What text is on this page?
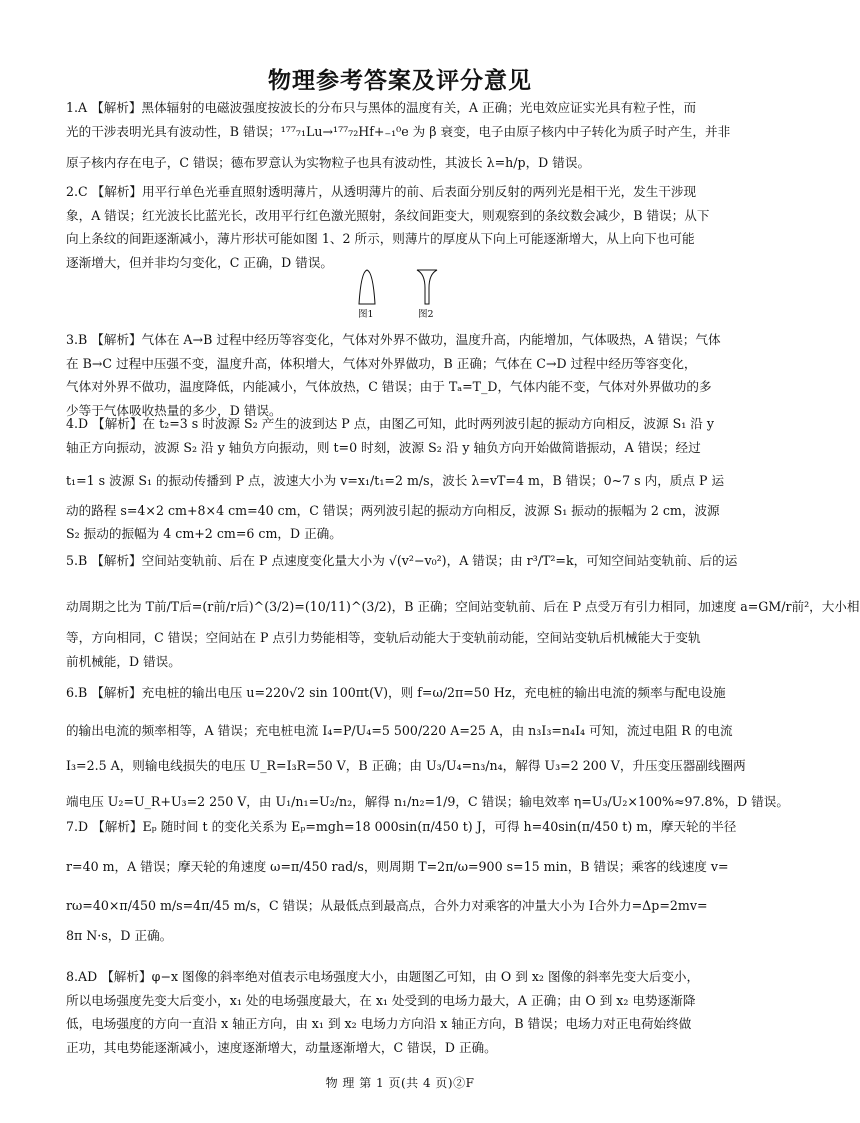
物理参考答案及评分意见
1.A 【解析】黑体辐射的电磁波强度按波长的分布只与黑体的温度有关，A 正确；光电效应证实光具有粒子性，而
光的干涉表明光具有波动性，B 错误；¹⁷⁷₇₁Lu→¹⁷⁷₇₂Hf+₋₁⁰e 为 β 衰变，电子由原子核内中子转化为质子时产生，并非
原子核内存在电子，C 错误；德布罗意认为实物粒子也具有波动性，其波长 λ=h/p，D 错误。
2.C 【解析】用平行单色光垂直照射透明薄片，从透明薄片的前、后表面分别反射的两列光是相干光，发生干涉现
象，A 错误；红光波长比蓝光长，改用平行红色激光照射，条纹间距变大，则观察到的条纹数会减少，B 错误；从下
向上条纹的间距逐渐减小，薄片形状可能如图 1、2 所示，则薄片的厚度从下向上可能逐渐增大，从上向下也可能
逐渐增大，但并非均匀变化，C 正确，D 错误。
图1	图2
3.B 【解析】气体在 A→B 过程中经历等容变化，气体对外界不做功，温度升高，内能增加，气体吸热，A 错误；气体
在 B→C 过程中压强不变，温度升高，体积增大，气体对外界做功，B 正确；气体在 C→D 过程中经历等容变化，
气体对外界不做功，温度降低，内能减小，气体放热，C 错误；由于 Tₐ=T_D，气体内能不变，气体对外界做功的多
少等于气体吸收热量的多少，D 错误。
4.D 【解析】在 t₂=3 s 时波源 S₂ 产生的波到达 P 点，由图乙可知，此时两列波引起的振动方向相反，波源 S₁ 沿 y
轴正方向振动，波源 S₂ 沿 y 轴负方向振动，则 t=0 时刻，波源 S₂ 沿 y 轴负方向开始做简谐振动，A 错误；经过
t₁=1 s 波源 S₁ 的振动传播到 P 点，波速大小为 v=x₁/t₁=2 m/s，波长 λ=vT=4 m，B 错误；0~7 s 内，质点 P 运
动的路程 s=4×2 cm+8×4 cm=40 cm，C 错误；两列波引起的振动方向相反，波源 S₁ 振动的振幅为 2 cm，波源
S₂ 振动的振幅为 4 cm+2 cm=6 cm，D 正确。
5.B 【解析】空间站变轨前、后在 P 点速度变化量大小为 √(v²−v₀²)，A 错误；由 r³/T²=k，可知空间站变轨前、后的运
动周期之比为 T前/T后=(r前/r后)^(3/2)=(10/11)^(3/2)，B 正确；空间站变轨前、后在 P 点受万有引力相同，加速度 a=GM/r前²，大小相
等，方向相同，C 错误；空间站在 P 点引力势能相等，变轨后动能大于变轨前动能，空间站变轨后机械能大于变轨
前机械能，D 错误。
6.B 【解析】充电桩的输出电压 u=220√2 sin 100πt(V)，则 f=ω/2π=50 Hz，充电桩的输出电流的频率与配电设施
的输出电流的频率相等，A 错误；充电桩电流 I₄=P/U₄=5 500/220 A=25 A，由 n₃I₃=n₄I₄ 可知，流过电阻 R 的电流
I₃=2.5 A，则输电线损失的电压 U_R=I₃R=50 V，B 正确；由 U₃/U₄=n₃/n₄，解得 U₃=2 200 V，升压变压器副线圈两
端电压 U₂=U_R+U₃=2 250 V，由 U₁/n₁=U₂/n₂，解得 n₁/n₂=1/9，C 错误；输电效率 η=U₃/U₂×100%≈97.8%，D 错误。
7.D 【解析】Eₚ 随时间 t 的变化关系为 Eₚ=mgh=18 000sin(π/450 t) J，可得 h=40sin(π/450 t) m，摩天轮的半径
r=40 m，A 错误；摩天轮的角速度 ω=π/450 rad/s，则周期 T=2π/ω=900 s=15 min，B 错误；乘客的线速度 v=
rω=40×π/450 m/s=4π/45 m/s，C 错误；从最低点到最高点，合外力对乘客的冲量大小为 I合外力=Δp=2mv=
8π N·s，D 正确。
8.AD 【解析】φ−x 图像的斜率绝对值表示电场强度大小，由题图乙可知，由 O 到 x₂ 图像的斜率先变大后变小，
所以电场强度先变大后变小，x₁ 处的电场强度最大，在 x₁ 处受到的电场力最大，A 正确；由 O 到 x₂ 电势逐渐降
低，电场强度的方向一直沿 x 轴正方向，由 x₁ 到 x₂ 电场力方向沿 x 轴正方向，B 错误；电场力对正电荷始终做
正功，其电势能逐渐减小，速度逐渐增大，动量逐渐增大，C 错误，D 正确。
物 理 第 1 页(共 4 页)②F
